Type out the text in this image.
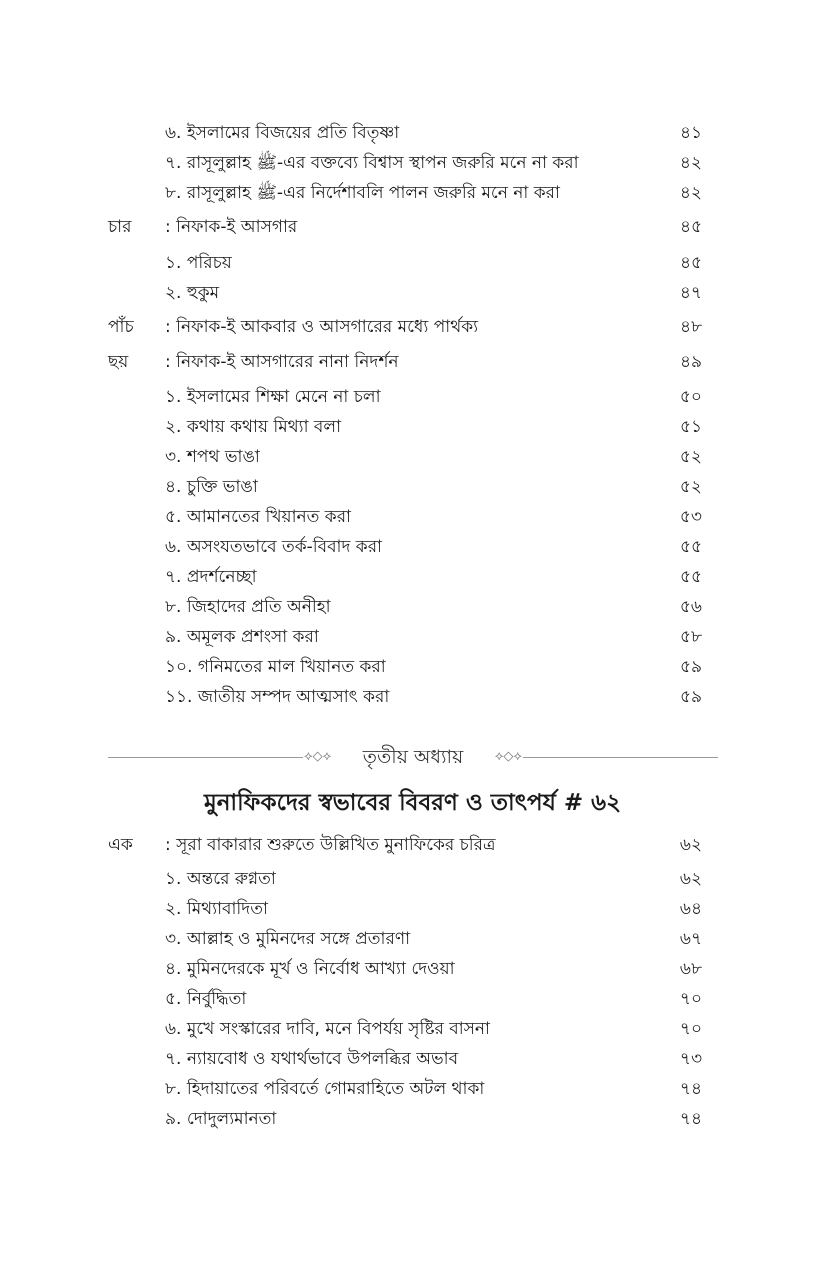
৬. ইসলামের বিজয়ের প্রতি বিতৃষ্ণা	৪১
৭. রাসূলুল্লাহ ﷺ-এর বক্তব্যে বিশ্বাস স্থাপন জরুরি মনে না করা	৪২
৮. রাসূলুল্লাহ ﷺ-এর নির্দেশাবলি পালন জরুরি মনে না করা	৪২
চার : নিফাক-ই আসগার	৪৫
১. পরিচয়	৪৫
২. হুকুম	৪৭
পাঁচ : নিফাক-ই আকবার ও আসগারের মধ্যে পার্থক্য	৪৮
ছয় : নিফাক-ই আসগারের নানা নিদর্শন	৪৯
১. ইসলামের শিক্ষা মেনে না চলা	৫০
২. কথায় কথায় মিথ্যা বলা	৫১
৩. শপথ ভাঙা	৫২
৪. চুক্তি ভাঙা	৫২
৫. আমানতের খিয়ানত করা	৫৩
৬. অসংযতভাবে তর্ক-বিবাদ করা	৫৫
৭. প্রদর্শনেচ্ছা	৫৫
৮. জিহাদের প্রতি অনীহা	৫৬
৯. অমূলক প্রশংসা করা	৫৮
১০. গনিমতের মাল খিয়ানত করা	৫৯
১১. জাতীয় সম্পদ আত্মসাৎ করা	৫৯
⟡◇⟡	তৃতীয় অধ্যায়	⟡◇⟡
মুনাফিকদের স্বভাবের বিবরণ ও তাৎপর্য # ৬২
এক : সূরা বাকারার শুরুতে উল্লিখিত মুনাফিকের চরিত্র	৬২
১. অন্তরে রুগ্নতা	৬২
২. মিথ্যাবাদিতা	৬৪
৩. আল্লাহ ও মুমিনদের সঙ্গে প্রতারণা	৬৭
৪. মুমিনদেরকে মূর্খ ও নির্বোধ আখ্যা দেওয়া	৬৮
৫. নির্বুদ্ধিতা	৭০
৬. মুখে সংস্কারের দাবি, মনে বিপর্যয় সৃষ্টির বাসনা	৭০
৭. ন্যায়বোধ ও যথার্থভাবে উপলব্ধির অভাব	৭৩
৮. হিদায়াতের পরিবর্তে গোমরাহিতে অটল থাকা	৭৪
৯. দোদুল্যমানতা	৭৪
